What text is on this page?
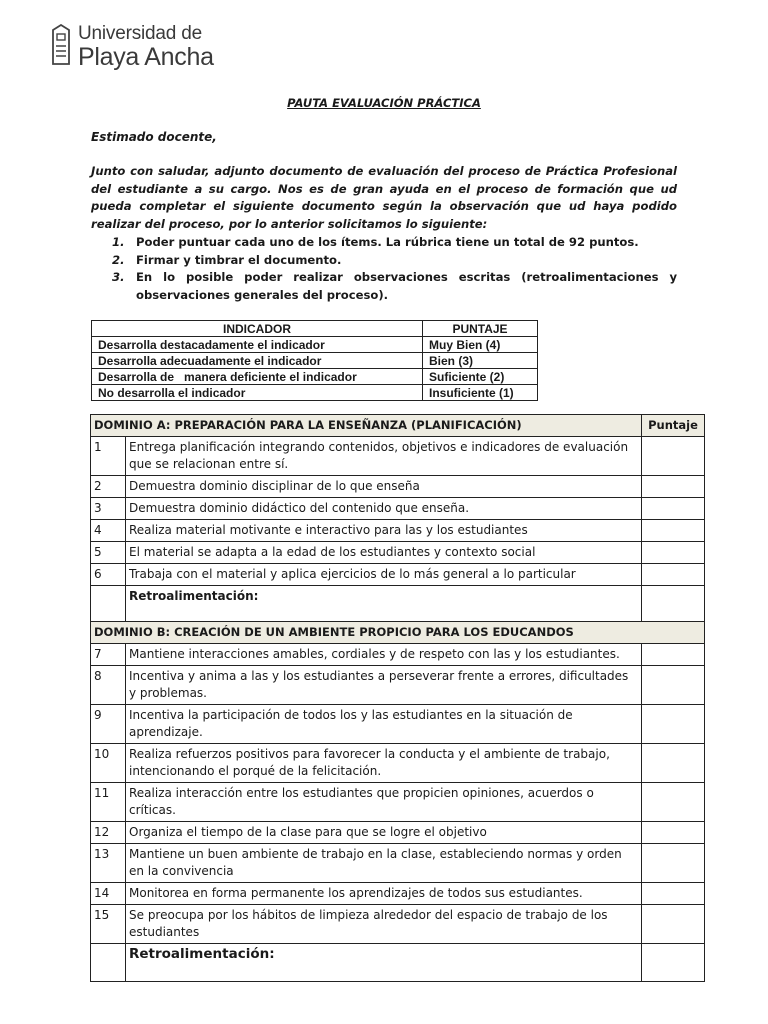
Universidad de
Playa Ancha
PAUTA EVALUACIÓN PRÁCTICA
Estimado docente,
Junto con saludar, adjunto documento de evaluación del proceso de Práctica Profesional del estudiante a su cargo. Nos es de gran ayuda en el proceso de formación que ud pueda completar el siguiente documento según la observación que ud haya podido realizar del proceso, por lo anterior solicitamos lo siguiente:
1. Poder puntuar cada uno de los ítems. La rúbrica tiene un total de 92 puntos.
2. Firmar y timbrar el documento.
3. En lo posible poder realizar observaciones escritas (retroalimentaciones y observaciones generales del proceso).
INDICADOR	PUNTAJE
Desarrolla destacadamente el indicador	Muy Bien (4)
Desarrolla adecuadamente el indicador	Bien (3)
Desarrolla de   manera deficiente el indicador	Suficiente (2)
No desarrolla el indicador	Insuficiente (1)
DOMINIO A: PREPARACIÓN PARA LA ENSEÑANZA (PLANIFICACIÓN)		Puntaje
1	Entrega planificación integrando contenidos, objetivos e indicadores de evaluación que se relacionan entre sí.	
2	Demuestra dominio disciplinar de lo que enseña	
3	Demuestra dominio didáctico del contenido que enseña.	
4	Realiza material motivante e interactivo para las y los estudiantes	
5	El material se adapta a la edad de los estudiantes y contexto social	
6	Trabaja con el material y aplica ejercicios de lo más general a lo particular	
	Retroalimentación:	
DOMINIO B: CREACIÓN DE UN AMBIENTE PROPICIO PARA LOS EDUCANDOS		
7	Mantiene interacciones amables, cordiales y de respeto con las y los estudiantes.	
8	Incentiva y anima a las y los estudiantes a perseverar frente a errores, dificultades y problemas.	
9	Incentiva la participación de todos los y las estudiantes en la situación de aprendizaje.	
10	Realiza refuerzos positivos para favorecer la conducta y el ambiente de trabajo, intencionando el porqué de la felicitación.	
11	Realiza interacción entre los estudiantes que propicien opiniones, acuerdos o críticas.	
12	Organiza el tiempo de la clase para que se logre el objetivo	
13	Mantiene un buen ambiente de trabajo en la clase, estableciendo normas y orden en la convivencia	
14	Monitorea en forma permanente los aprendizajes de todos sus estudiantes.	
15	Se preocupa por los hábitos de limpieza alrededor del espacio de trabajo de los estudiantes	
	Retroalimentación:	
